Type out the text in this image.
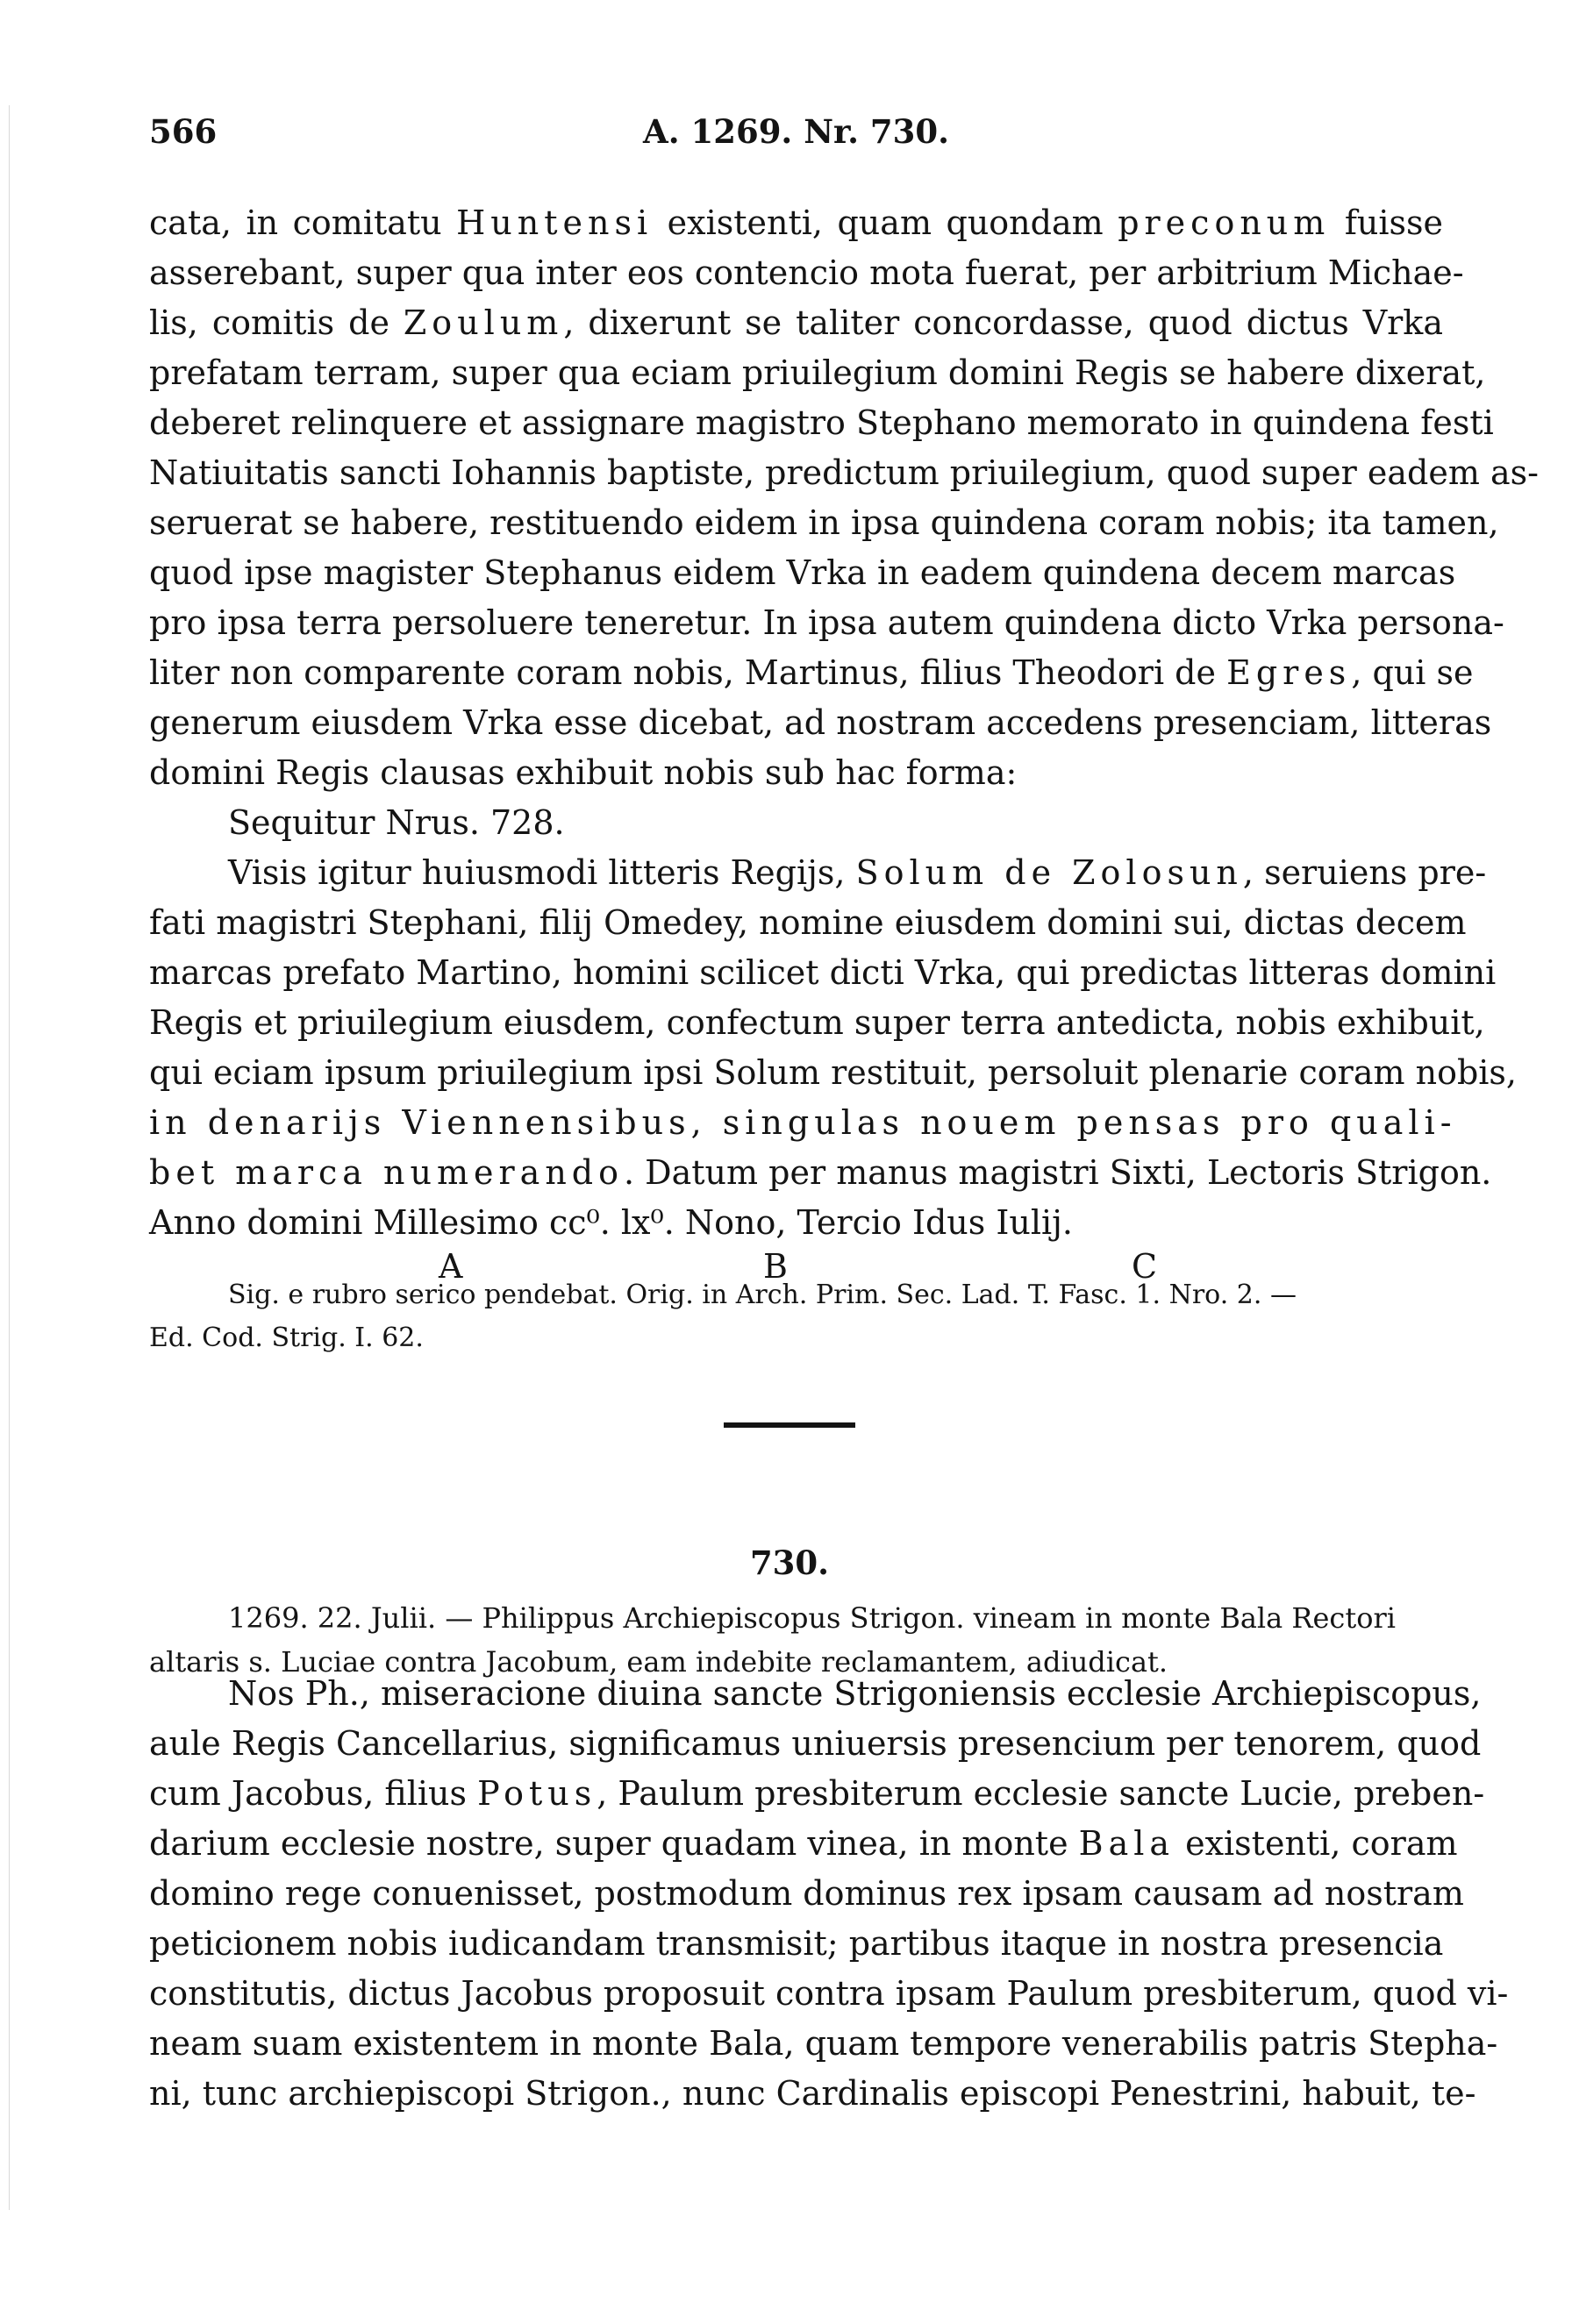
566	A. 1269. Nr. 730.
cata, in comitatu Huntensi existenti, quam quondam preconum fuisse
asserebant, super qua inter eos contencio mota fuerat, per arbitrium Michae-
lis, comitis de Zoulum, dixerunt se taliter concordasse, quod dictus Vrka
prefatam terram, super qua eciam priuilegium domini Regis se habere dixerat,
deberet relinquere et assignare magistro Stephano memorato in quindena festi
Natiuitatis sancti Iohannis baptiste, predictum priuilegium, quod super eadem as-
seruerat se habere, restituendo eidem in ipsa quindena coram nobis; ita tamen,
quod ipse magister Stephanus eidem Vrka in eadem quindena decem marcas
pro ipsa terra persoluere teneretur. In ipsa autem quindena dicto Vrka persona-
liter non comparente coram nobis, Martinus, filius Theodori de Egres, qui se
generum eiusdem Vrka esse dicebat, ad nostram accedens presenciam, litteras
domini Regis clausas exhibuit nobis sub hac forma:
Sequitur Nrus. 728.
Visis igitur huiusmodi litteris Regijs, Solum de Zolosun, seruiens pre-
fati magistri Stephani, filij Omedey, nomine eiusdem domini sui, dictas decem
marcas prefato Martino, homini scilicet dicti Vrka, qui predictas litteras domini
Regis et priuilegium eiusdem, confectum super terra antedicta, nobis exhibuit,
qui eciam ipsum priuilegium ipsi Solum restituit, persoluit plenarie coram nobis,
in denarijs Viennensibus, singulas nouem pensas pro quali-
bet marca numerando. Datum per manus magistri Sixti, Lectoris Strigon.
Anno domini Millesimo cc⁰. lx⁰. Nono, Tercio Idus Iulij.
A	B	C
Sig. e rubro serico pendebat. Orig. in Arch. Prim. Sec. Lad. T. Fasc. 1. Nro. 2. —
Ed. Cod. Strig. I. 62.
730.
1269. 22. Julii. — Philippus Archiepiscopus Strigon. vineam in monte Bala Rectori
altaris s. Luciae contra Jacobum, eam indebite reclamantem, adiudicat.
Nos Ph., miseracione diuina sancte Strigoniensis ecclesie Archiepiscopus,
aule Regis Cancellarius, significamus uniuersis presencium per tenorem, quod
cum Jacobus, filius Potus, Paulum presbiterum ecclesie sancte Lucie, preben-
darium ecclesie nostre, super quadam vinea, in monte Bala existenti, coram
domino rege conuenisset, postmodum dominus rex ipsam causam ad nostram
peticionem nobis iudicandam transmisit; partibus itaque in nostra presencia
constitutis, dictus Jacobus proposuit contra ipsam Paulum presbiterum, quod vi-
neam suam existentem in monte Bala, quam tempore venerabilis patris Stepha-
ni, tunc archiepiscopi Strigon., nunc Cardinalis episcopi Penestrini, habuit, te-
